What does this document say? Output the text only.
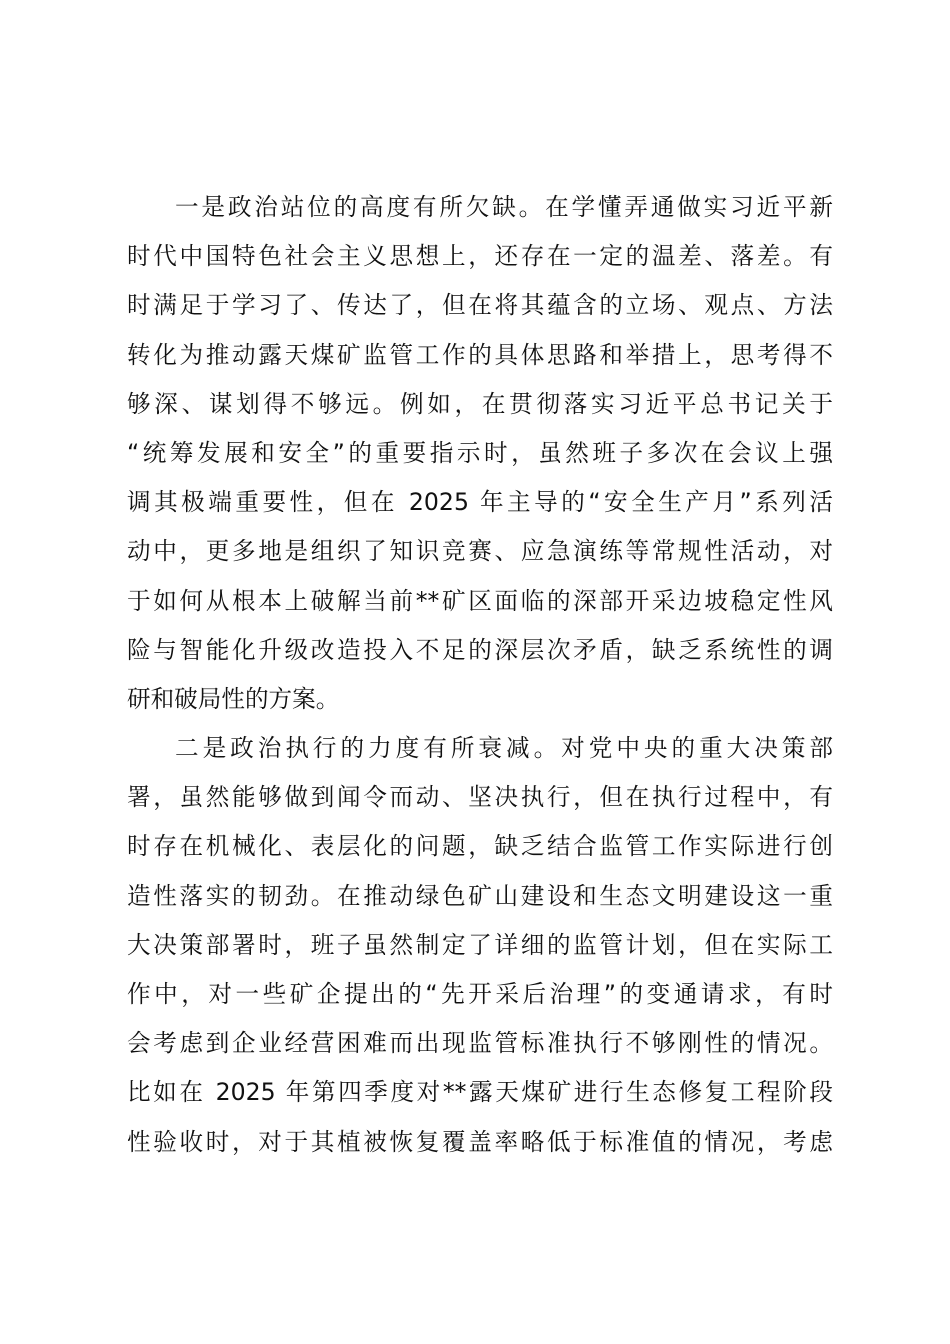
一是政治站位的高度有所欠缺。在学懂弄通做实习近平新
时代中国特色社会主义思想上，还存在一定的温差、落差。有
时满足于学习了、传达了，但在将其蕴含的立场、观点、方法
转化为推动露天煤矿监管工作的具体思路和举措上，思考得不
够深、谋划得不够远。例如，在贯彻落实习近平总书记关于
“统筹发展和安全”的重要指示时，虽然班子多次在会议上强
调其极端重要性，但在 2025 年主导的“安全生产月”系列活
动中，更多地是组织了知识竞赛、应急演练等常规性活动，对
于如何从根本上破解当前**矿区面临的深部开采边坡稳定性风
险与智能化升级改造投入不足的深层次矛盾，缺乏系统性的调
研和破局性的方案。
二是政治执行的力度有所衰减。对党中央的重大决策部
署，虽然能够做到闻令而动、坚决执行，但在执行过程中，有
时存在机械化、表层化的问题，缺乏结合监管工作实际进行创
造性落实的韧劲。在推动绿色矿山建设和生态文明建设这一重
大决策部署时，班子虽然制定了详细的监管计划，但在实际工
作中，对一些矿企提出的“先开采后治理”的变通请求，有时
会考虑到企业经营困难而出现监管标准执行不够刚性的情况。
比如在 2025 年第四季度对**露天煤矿进行生态修复工程阶段
性验收时，对于其植被恢复覆盖率略低于标准值的情况，考虑
